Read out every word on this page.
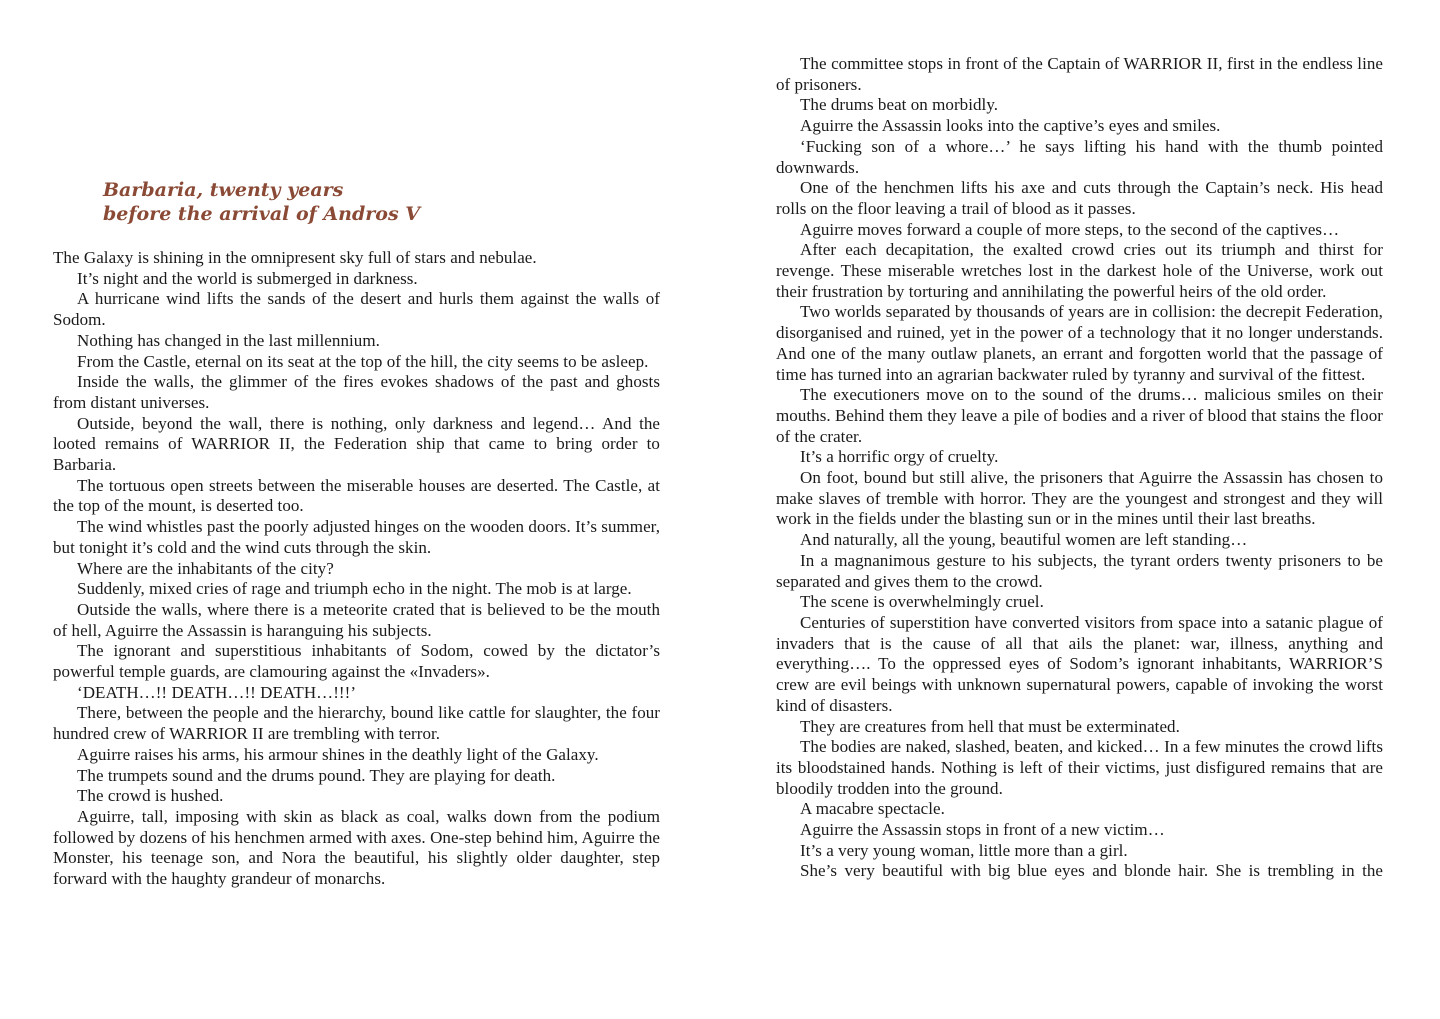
Barbaria, twenty years
before the arrival of Andros V

The Galaxy is shining in the omnipresent sky full of stars and nebulae.

It’s night and the world is submerged in darkness.

A hurricane wind lifts the sands of the desert and hurls them against the walls of Sodom.

Nothing has changed in the last millennium.

From the Castle, eternal on its seat at the top of the hill, the city seems to be asleep.

Inside the walls, the glimmer of the fires evokes shadows of the past and ghosts from distant universes.

Outside, beyond the wall, there is nothing, only darkness and legend… And the looted remains of WARRIOR II, the Federation ship that came to bring order to Barbaria.

The tortuous open streets between the miserable houses are deserted. The Castle, at the top of the mount, is deserted too.

The wind whistles past the poorly adjusted hinges on the wooden doors. It’s summer, but tonight it’s cold and the wind cuts through the skin.

Where are the inhabitants of the city?

Suddenly, mixed cries of rage and triumph echo in the night. The mob is at large.

Outside the walls, where there is a meteorite crated that is believed to be the mouth of hell, Aguirre the Assassin is haranguing his subjects.

The ignorant and superstitious inhabitants of Sodom, cowed by the dictator’s powerful temple guards, are clamouring against the «Invaders».

‘DEATH…!! DEATH…!! DEATH…!!!’

There, between the people and the hierarchy, bound like cattle for slaughter, the four hundred crew of WARRIOR II are trembling with terror.

Aguirre raises his arms, his armour shines in the deathly light of the Galaxy.

The trumpets sound and the drums pound. They are playing for death.

The crowd is hushed.

Aguirre, tall, imposing with skin as black as coal, walks down from the podium followed by dozens of his henchmen armed with axes. One-step behind him, Aguirre the Monster, his teenage son, and Nora the beautiful, his slightly older daughter, step forward with the haughty grandeur of monarchs.

The committee stops in front of the Captain of WARRIOR II, first in the endless line of prisoners.

The drums beat on morbidly.

Aguirre the Assassin looks into the captive’s eyes and smiles.

‘Fucking son of a whore…’ he says lifting his hand with the thumb pointed downwards.

One of the henchmen lifts his axe and cuts through the Captain’s neck. His head rolls on the floor leaving a trail of blood as it passes.

Aguirre moves forward a couple of more steps, to the second of the captives…

After each decapitation, the exalted crowd cries out its triumph and thirst for revenge. These miserable wretches lost in the darkest hole of the Universe, work out their frustration by torturing and annihilating the powerful heirs of the old order.

Two worlds separated by thousands of years are in collision: the decrepit Federation, disorganised and ruined, yet in the power of a technology that it no longer understands. And one of the many outlaw planets, an errant and forgotten world that the passage of time has turned into an agrarian backwater ruled by tyranny and survival of the fittest.

The executioners move on to the sound of the drums… malicious smiles on their mouths. Behind them they leave a pile of bodies and a river of blood that stains the floor of the crater.

It’s a horrific orgy of cruelty.

On foot, bound but still alive, the prisoners that Aguirre the Assassin has chosen to make slaves of tremble with horror. They are the youngest and strongest and they will work in the fields under the blasting sun or in the mines until their last breaths.

And naturally, all the young, beautiful women are left standing…

In a magnanimous gesture to his subjects, the tyrant orders twenty prisoners to be separated and gives them to the crowd.

The scene is overwhelmingly cruel.

Centuries of superstition have converted visitors from space into a satanic plague of invaders that is the cause of all that ails the planet: war, illness, anything and everything…. To the oppressed eyes of Sodom’s ignorant inhabitants, WARRIOR’S crew are evil beings with unknown supernatural powers, capable of invoking the worst kind of disasters.

They are creatures from hell that must be exterminated.

The bodies are naked, slashed, beaten, and kicked… In a few minutes the crowd lifts its bloodstained hands. Nothing is left of their victims, just disfigured remains that are bloodily trodden into the ground.

A macabre spectacle.

Aguirre the Assassin stops in front of a new victim…

It’s a very young woman, little more than a girl.

She’s very beautiful with big blue eyes and blonde hair. She is trembling in the
